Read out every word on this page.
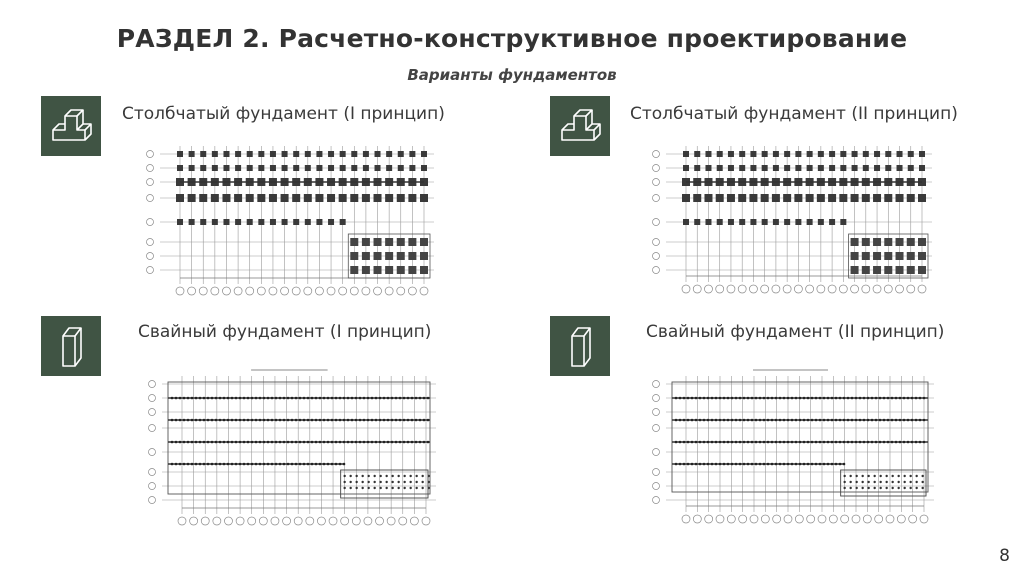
РАЗДЕЛ 2. Расчетно-конструктивное проектирование
Варианты фундаментов
Столбчатый фундамент (I принцип)	Столбчатый фундамент (II принцип)
Свайный фундамент (I принцип)	Свайный фундамент (II принцип)
8
